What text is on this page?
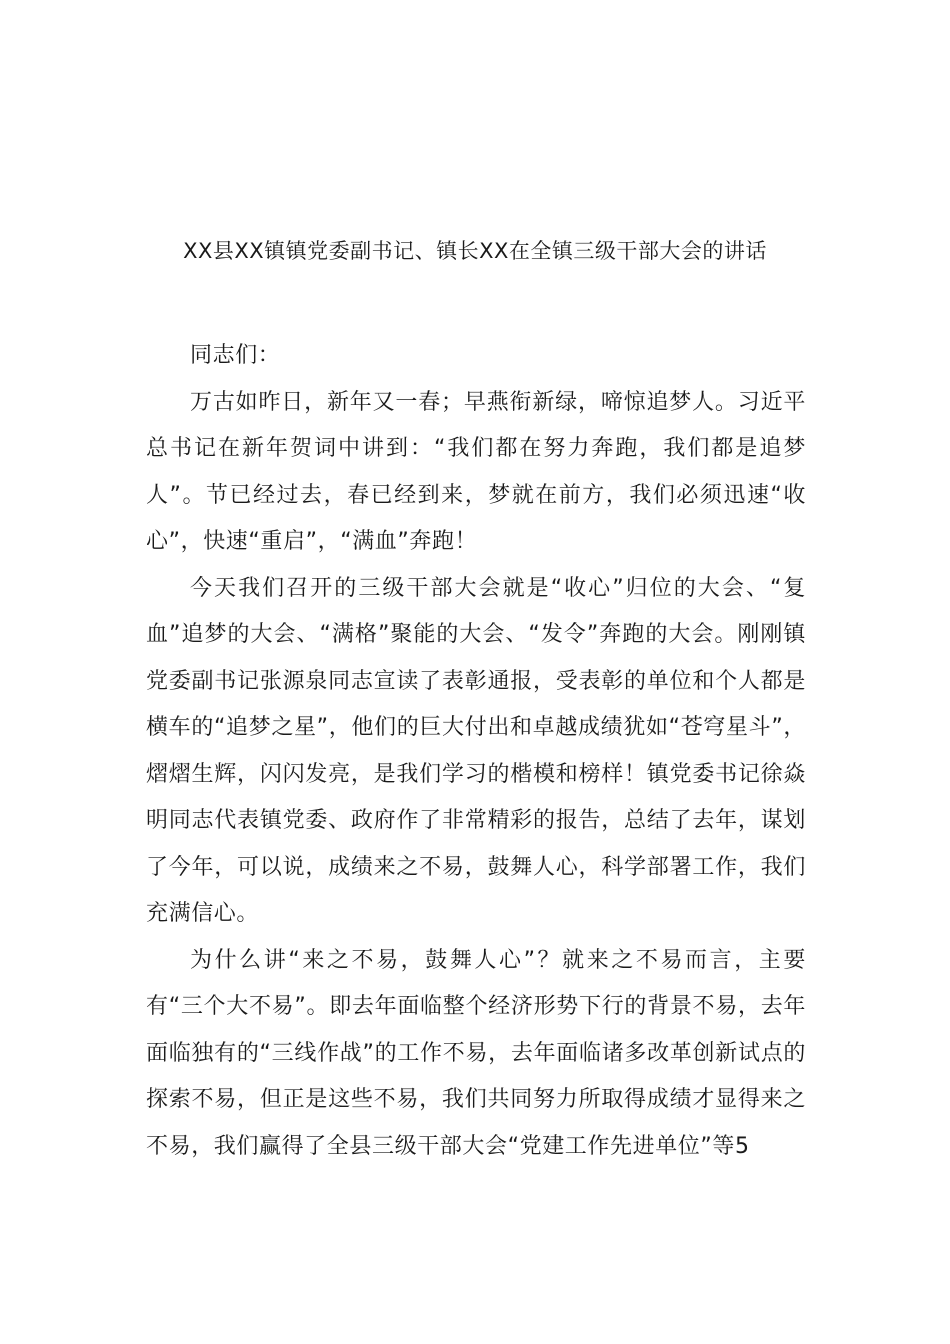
XX县XX镇镇党委副书记、镇长XX在全镇三级干部大会的讲话

同志们：

万古如昨日，新年又一春；早燕衔新绿，啼惊追梦人。习近平总书记在新年贺词中讲到：“我们都在努力奔跑，我们都是追梦人”。节已经过去，春已经到来，梦就在前方，我们必须迅速“收心”，快速“重启”，“满血”奔跑！

今天我们召开的三级干部大会就是“收心”归位的大会、“复血”追梦的大会、“满格”聚能的大会、“发令”奔跑的大会。刚刚镇党委副书记张源泉同志宣读了表彰通报，受表彰的单位和个人都是横车的“追梦之星”，他们的巨大付出和卓越成绩犹如“苍穹星斗”，熠熠生辉，闪闪发亮，是我们学习的楷模和榜样！镇党委书记徐焱明同志代表镇党委、政府作了非常精彩的报告，总结了去年，谋划了今年，可以说，成绩来之不易，鼓舞人心，科学部署工作，我们充满信心。

为什么讲“来之不易，鼓舞人心”？就来之不易而言，主要有“三个大不易”。即去年面临整个经济形势下行的背景不易，去年面临独有的“三线作战”的工作不易，去年面临诸多改革创新试点的探索不易，但正是这些不易，我们共同努力所取得成绩才显得来之不易，我们赢得了全县三级干部大会“党建工作先进单位”等5
